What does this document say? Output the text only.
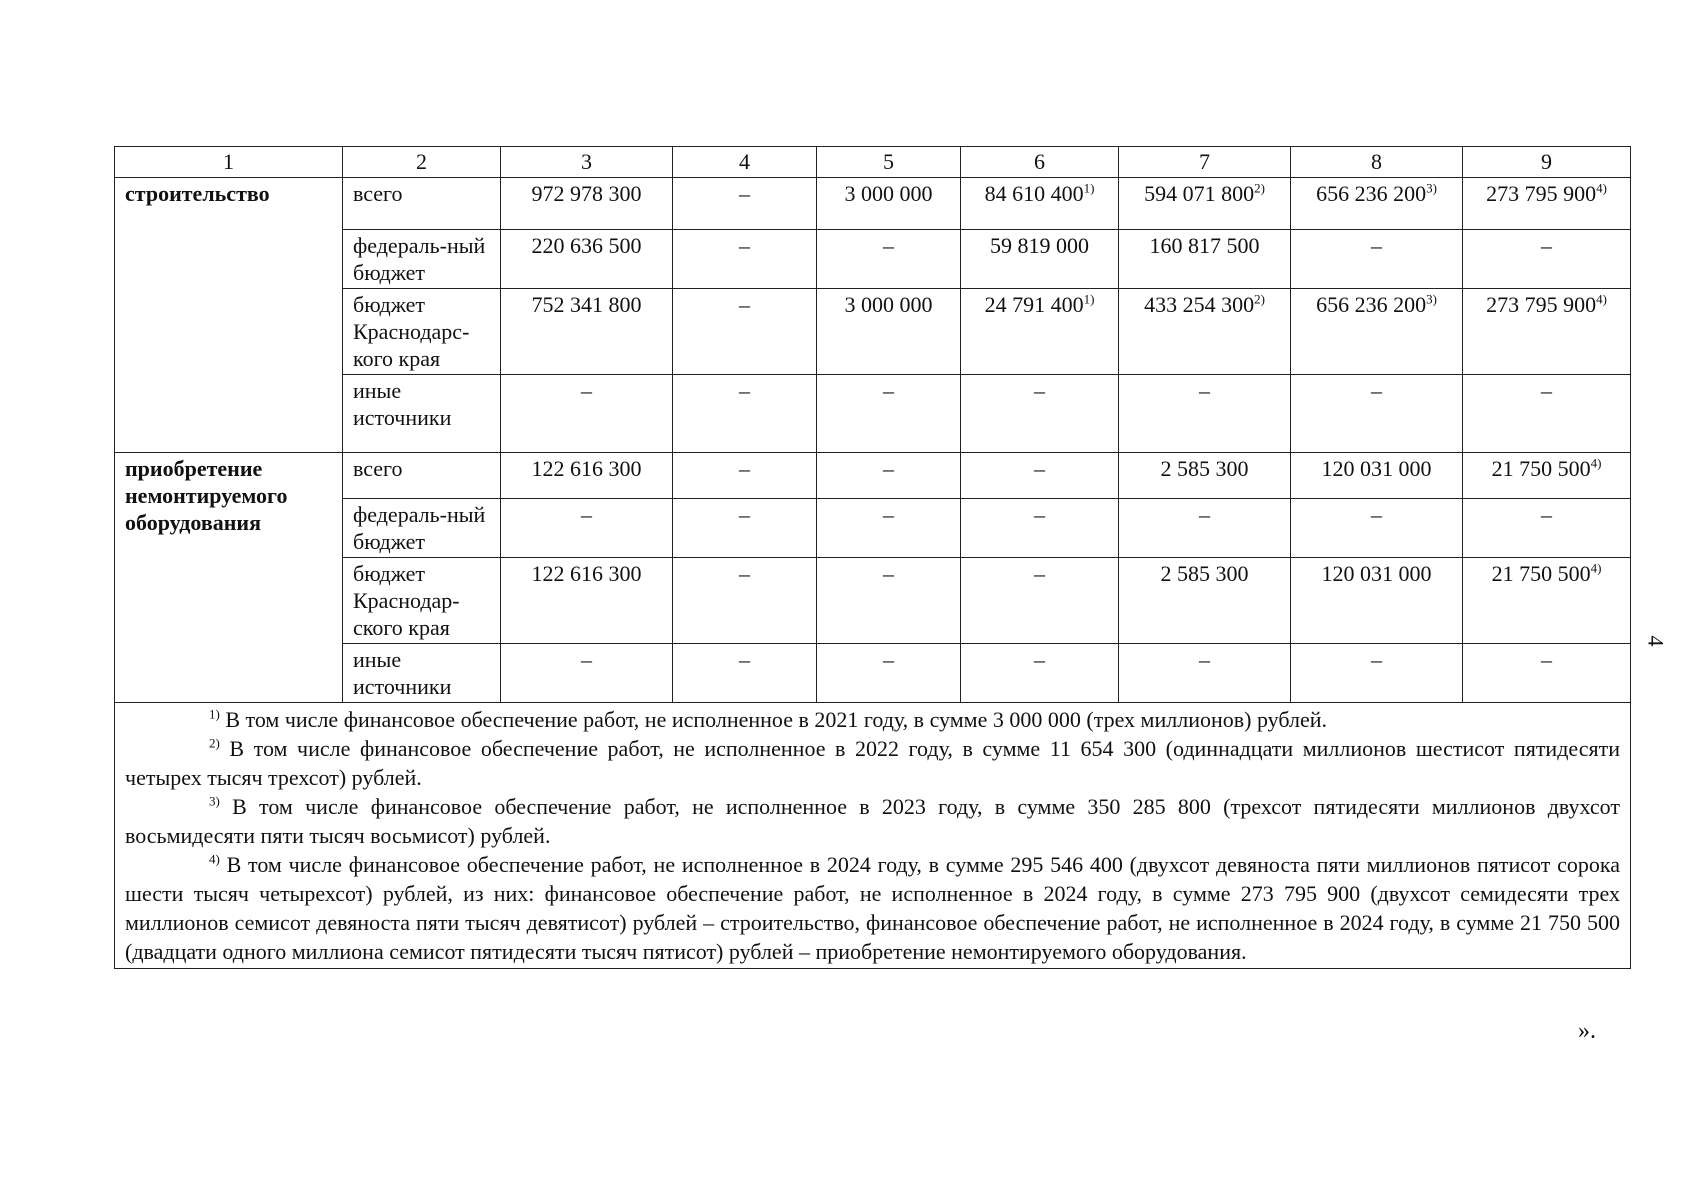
4
1	2	3	4	5	6	7	8	9
строительство	всего	972 978 300	–	3 000 000	84 610 400$^{1)}$	594 071 800$^{2)}$	656 236 200$^{3)}$	273 795 900$^{4)}$
	федераль-ный бюджет	220 636 500	–	–	59 819 000	160 817 500	–	–
	бюджет Краснодарс-кого края	752 341 800	–	3 000 000	24 791 400$^{1)}$	433 254 300$^{2)}$	656 236 200$^{3)}$	273 795 900$^{4)}$
	иные источники	–	–	–	–	–	–	–
приобретение немонтируемого оборудования	всего	122 616 300	–	–	–	2 585 300	120 031 000	21 750 500$^{4)}$
	федераль-ный бюджет	–	–	–	–	–	–	–
	бюджет Краснодар-ского края	122 616 300	–	–	–	2 585 300	120 031 000	21 750 500$^{4)}$
	иные источники	–	–	–	–	–	–	–

$^{1)}$ В том числе финансовое обеспечение работ, не исполненное в 2021 году, в сумме 3 000 000 (трех миллионов) рублей.

$^{2)}$ В том числе финансовое обеспечение работ, не исполненное в 2022 году, в сумме 11 654 300 (одиннадцати миллионов шестисот пятидесяти четырех тысяч трехсот) рублей.

$^{3)}$ В том числе финансовое обеспечение работ, не исполненное в 2023 году, в сумме 350 285 800 (трехсот пятидесяти миллионов двухсот восьмидесяти пяти тысяч восьмисот) рублей.

$^{4)}$ В том числе финансовое обеспечение работ, не исполненное в 2024 году, в сумме 295 546 400 (двухсот девяноста пяти миллионов пятисот сорока шести тысяч четырехсот) рублей, из них: финансовое обеспечение работ, не исполненное в 2024 году, в сумме 273 795 900 (двухсот семидесяти трех миллионов семисот девяноста пяти тысяч девятисот) рублей – строительство, финансовое обеспечение работ, не исполненное в 2024 году, в сумме 21 750 500 (двадцати одного миллиона семисот пятидесяти тысяч пятисот) рублей – приобретение немонтируемого оборудования.								

».
